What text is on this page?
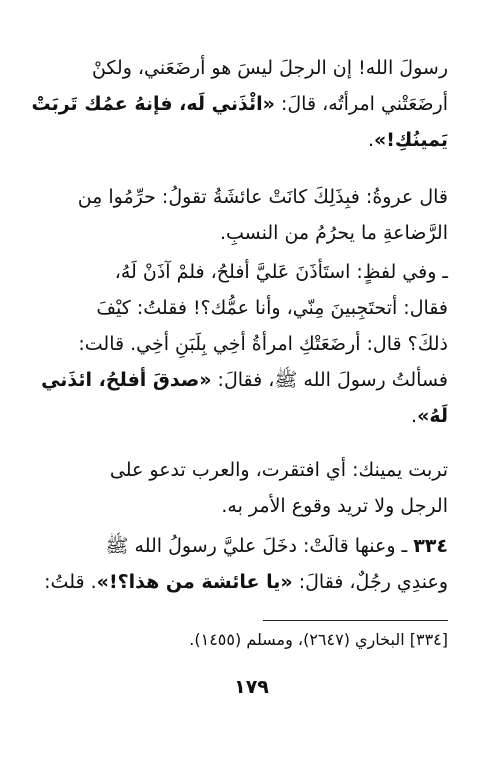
رسولَ الله! إن الرجلَ ليسَ هو أرضَعَني، ولكنْ
أرضَعَتْني امرأتُه، قالَ: «ائْذَني لَه، فإنهُ عمُك تَربَتْ
يَمينُكِ!».
قال عروةُ: فبِذَلِكَ كانَتْ عائشَةُ تقولُ: حرِّمُوا مِن
الرَّضاعةِ ما يحرُمُ من النسبِ.
ـ وفي لفظٍ: استَأذَنَ عَليَّ أفلحُ، فلمْ آذَنْ لَهُ،
فقال: أتحتَجِبينَ مِنّي، وأنا عمُّك؟! فقلتُ: كيْفَ
ذلكَ؟ قال: أرضَعَتْكِ امرأةُ أخِي بِلَبَنِ أخِي. قالت:
فسألتُ رسولَ الله ﷺ، فقالَ: «صدقَ أفلحُ، ائذَني
لَهُ».
تربت يمينك: أي افتقرت، والعرب تدعو على
الرجل ولا تريد وقوع الأمر به.
٣٣٤ ـ وعنها قالَتْ: دخَلَ عليَّ رسولُ الله ﷺ
وعندِي رجُلٌ، فقالَ: «يا عائشة من هذا؟!». قلتُ:
[٣٣٤] البخاري (٢٦٤٧)، ومسلم (١٤٥٥).
١٧٩
